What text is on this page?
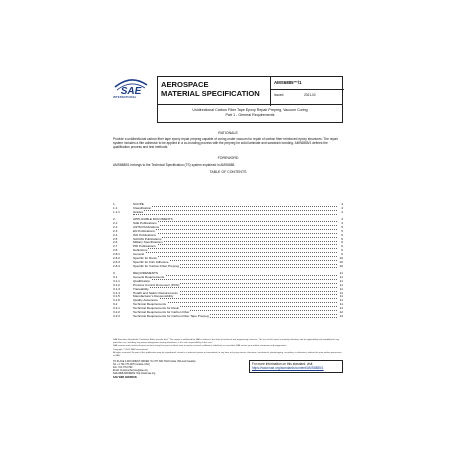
SAE
INTERNATIONAL
AEROSPACE
MATERIAL SPECIFICATION
AMS6885™/1
Issued	2021-02
Unidirectional Carbon Fiber Tape Epoxy Repair Prepreg, Vacuum Curing
Part 1 - General Requirements
RATIONALE
Provide a unidirectional carbon fiber tape epoxy repair prepreg capable of curing under vacuum for repair of carbon fiber reinforced epoxy structures. The repair system includes a film adhesive to be applied in a co-bonding process with the prepreg for solid laminate and sandwich bonding. AMS6885/1 defines the qualification process and test methods.
FOREWORD
AMS6885/1 belongs to the Technical Specification (TS) system explained in AMS6885.
TABLE OF CONTENTS
1.	SCOPE	4
1.1	Classification	4
1.1.1	Grades	4
2.	APPLICABLE DOCUMENTS	4
2.1	SAE Publications	4
2.2	ASTM Publications	5
2.3	EN Publications	5
2.4	ISO Publications	6
2.5	SACMA Publications	6
2.6	Military Specifications	6
2.7	PRI Publications	6
2.8	Definitions	6
2.8.1	General	6
2.8.2	Specific for Resin	10
2.8.3	Specific for Film Adhesive	10
2.8.4	Specific for Carbon Fiber Prepreg	10
3.	REQUIREMENTS	11
3.1	General Requirements	11
3.1.1	Qualification	11
3.1.2	Process Control Document (PCD)	11
3.1.3	Traceability	11
3.1.4	Health and Safety Requirements	11
3.1.5	Manufacturer's Responsibility	11
3.1.6	Quality Assurance	11
3.2	Technical Requirements	11
3.2.1	Technical Requirements for Resin	11
3.2.2	Technical Requirements for Carbon Fiber	12
3.2.3	Technical Requirements for Carbon Fiber Tape Prepreg	13
SAE Executive Standards Committee Rules provide that: "This report is published by SAE to advance the state of technical and engineering sciences. The use of this report is entirely voluntary, and its applicability and suitability for any particular use, including any patent infringement arising therefrom, is the sole responsibility of the user."
SAE reviews each technical report at least every five years at which time it may be revised, reaffirmed, stabilized, or cancelled. SAE invites your written comments and suggestions.
Copyright © 2021 SAE International
All rights reserved. No part of this publication may be reproduced, stored in a retrieval system or transmitted, in any form or by any means, electronic, mechanical, photocopying, recording, or otherwise, without the prior written permission of SAE.
TO PLACE A DOCUMENT ORDER: Tel: 877-606-7323 (inside USA and Canada)
Tel: +1 724-776-4970 (outside USA)
Fax: 724-776-0790
Email: CustomerService@sae.org
SAE WEB ADDRESS: http://www.sae.org
For more information on this standard, visit
https://www.sae.org/standards/content/AMS6885/1
SAE WEB ADDRESS:
